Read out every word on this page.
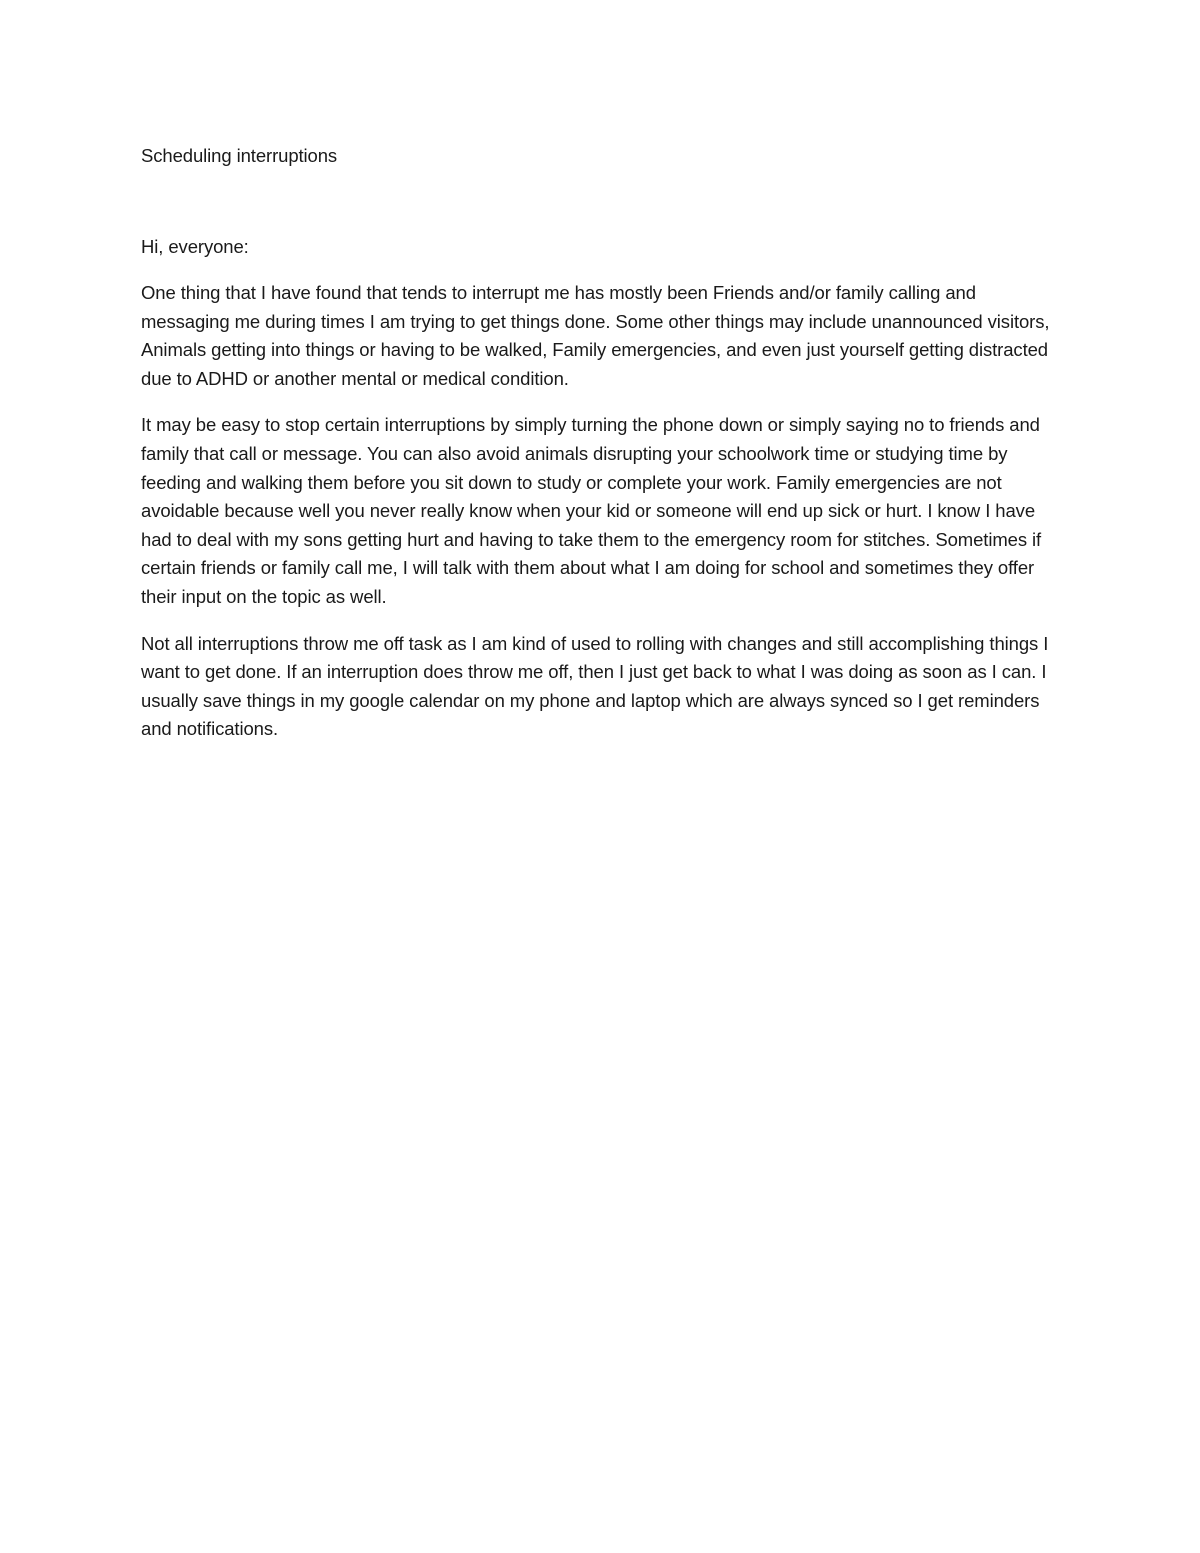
Scheduling interruptions

Hi, everyone:

One thing that I have found that tends to interrupt me has mostly been Friends and/or family calling and messaging me during times I am trying to get things done. Some other things may include unannounced visitors, Animals getting into things or having to be walked, Family emergencies, and even just yourself getting distracted due to ADHD or another mental or medical condition.

It may be easy to stop certain interruptions by simply turning the phone down or simply saying no to friends and family that call or message. You can also avoid animals disrupting your schoolwork time or studying time by feeding and walking them before you sit down to study or complete your work. Family emergencies are not avoidable because well you never really know when your kid or someone will end up sick or hurt. I know I have had to deal with my sons getting hurt and having to take them to the emergency room for stitches. Sometimes if certain friends or family call me, I will talk with them about what I am doing for school and sometimes they offer their input on the topic as well.

Not all interruptions throw me off task as I am kind of used to rolling with changes and still accomplishing things I want to get done. If an interruption does throw me off, then I just get back to what I was doing as soon as I can. I usually save things in my google calendar on my phone and laptop which are always synced so I get reminders and notifications.
